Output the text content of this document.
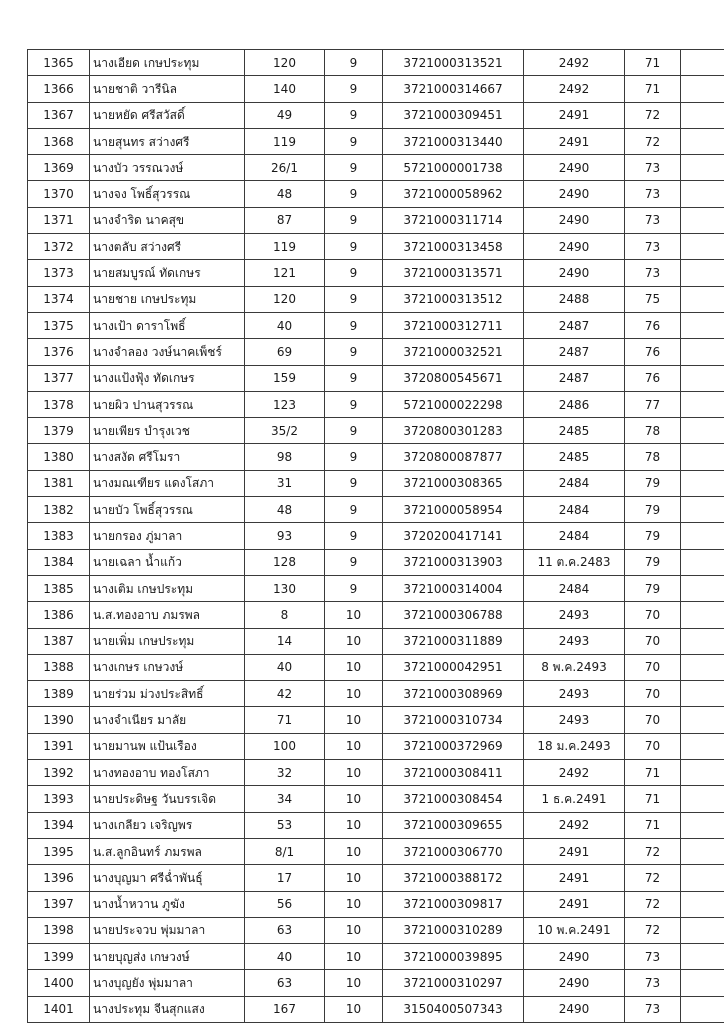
1365	นางเอียด เกษประทุม	120	9	3721000313521	2492	71	
1366	นายชาติ วารีนิล	140	9	3721000314667	2492	71	
1367	นายหยัด ศรีสวัสดิ์	49	9	3721000309451	2491	72	
1368	นายสุนทร สว่างศรี	119	9	3721000313440	2491	72	
1369	นางบัว วรรณวงษ์	26/1	9	5721000001738	2490	73	
1370	นางจง โพธิ์สุวรรณ	48	9	3721000058962	2490	73	
1371	นางจำริด นาคสุข	87	9	3721000311714	2490	73	
1372	นางตลับ สว่างศรี	119	9	3721000313458	2490	73	
1373	นายสมบูรณ์ ทัดเกษร	121	9	3721000313571	2490	73	
1374	นายชาย เกษประทุม	120	9	3721000313512	2488	75	
1375	นางเป้า ดาราโพธิ์	40	9	3721000312711	2487	76	
1376	นางจำลอง วงษ์นาคเพ็ชร์	69	9	3721000032521	2487	76	
1377	นางแป้งฟุ้ง ทัดเกษร	159	9	3720800545671	2487	76	
1378	นายผิว ปานสุวรรณ	123	9	5721000022298	2486	77	
1379	นายเพียร บำรุงเวช	35/2	9	3720800301283	2485	78	
1380	นางสงัด ศรีโมรา	98	9	3720800087877	2485	78	
1381	นางมณเฑียร แดงโสภา	31	9	3721000308365	2484	79	
1382	นายบัว โพธิ์สุวรรณ	48	9	3721000058954	2484	79	
1383	นายกรอง ภู่มาลา	93	9	3720200417141	2484	79	
1384	นายเฉลา น้ำแก้ว	128	9	3721000313903	11 ต.ค.2483	79	
1385	นางเติม เกษประทุม	130	9	3721000314004	2484	79	
1386	น.ส.ทองอาบ ภมรพล	8	10	3721000306788	2493	70	
1387	นายเพิ่ม เกษประทุม	14	10	3721000311889	2493	70	
1388	นางเกษร เกษวงษ์	40	10	3721000042951	8 พ.ค.2493	70	
1389	นายร่วม ม่วงประสิทธิ์	42	10	3721000308969	2493	70	
1390	นางจำเนียร มาลัย	71	10	3721000310734	2493	70	
1391	นายมานพ แป้นเรือง	100	10	3721000372969	18 ม.ค.2493	70	
1392	นางทองอาบ ทองโสภา	32	10	3721000308411	2492	71	
1393	นายประดิษฐ วันบรรเจิด	34	10	3721000308454	1 ธ.ค.2491	71	
1394	นางเกลียว เจริญพร	53	10	3721000309655	2492	71	
1395	น.ส.ลูกอินทร์ ภมรพล	8/1	10	3721000306770	2491	72	
1396	นางบุญมา ศรีฉ่ำพันธุ์	17	10	3721000388172	2491	72	
1397	นางน้ำหวาน ภูฆัง	56	10	3721000309817	2491	72	
1398	นายประจวบ พุ่มมาลา	63	10	3721000310289	10 พ.ค.2491	72	
1399	นายบุญส่ง เกษวงษ์	40	10	3721000039895	2490	73	
1400	นางบุญยัง พุ่มมาลา	63	10	3721000310297	2490	73	
1401	นางประทุม จีนสุกแสง	167	10	3150400507343	2490	73	
